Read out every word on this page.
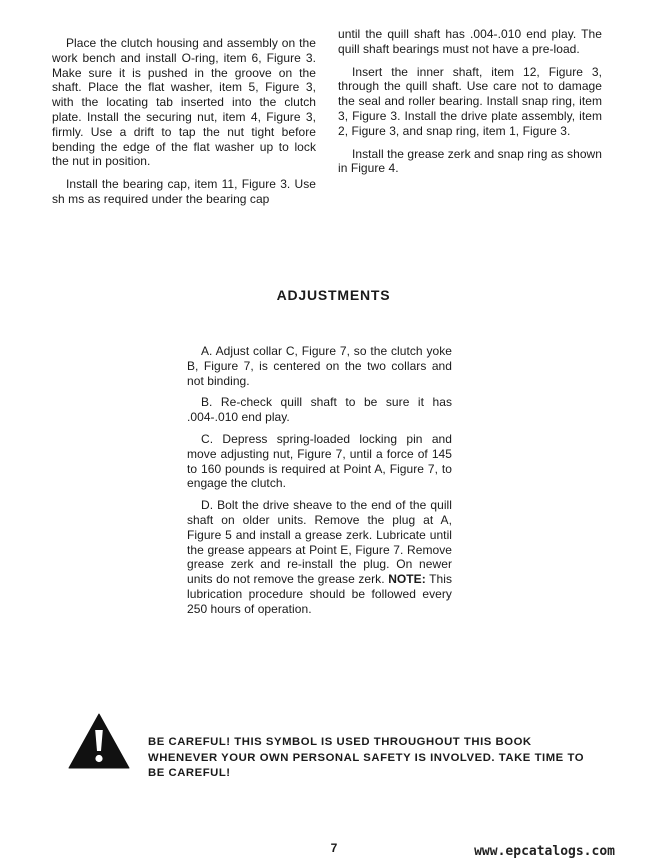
Place the clutch housing and assembly on the work bench and install O-ring, item 6, Figure 3. Make sure it is pushed in the groove on the shaft. Place the flat washer, item 5, Figure 3, with the locating tab inserted into the clutch plate. Install the securing nut, item 4, Figure 3, firmly. Use a drift to tap the nut tight before bending the edge of the flat washer up to lock the nut in position.

Install the bearing cap, item 11, Figure 3. Use sh ms as required under the bearing cap

until the quill shaft has .004-.010 end play. The quill shaft bearings must not have a pre-load.

Insert the inner shaft, item 12, Figure 3, through the quill shaft. Use care not to damage the seal and roller bearing. Install snap ring, item 3, Figure 3. Install the drive plate assembly, item 2, Figure 3, and snap ring, item 1, Figure 3.

Install the grease zerk and snap ring as shown in Figure 4.

ADJUSTMENTS

A. Adjust collar C, Figure 7, so the clutch yoke B, Figure 7, is centered on the two collars and not binding.

B. Re-check quill shaft to be sure it has .004-.010 end play.

C. Depress spring-loaded locking pin and move adjusting nut, Figure 7, until a force of 145 to 160 pounds is required at Point A, Figure 7, to engage the clutch.

D. Bolt the drive sheave to the end of the quill shaft on older units. Remove the plug at A, Figure 5 and install a grease zerk. Lubricate until the grease appears at Point E, Figure 7. Remove grease zerk and re-install the plug. On newer units do not remove the grease zerk. NOTE: This lubrication procedure should be followed every 250 hours of operation.

BE CAREFUL! THIS SYMBOL IS USED THROUGHOUT THIS BOOK WHENEVER YOUR OWN PERSONAL SAFETY IS INVOLVED. TAKE TIME TO BE CAREFUL!

7	www.epcatalogs.com
